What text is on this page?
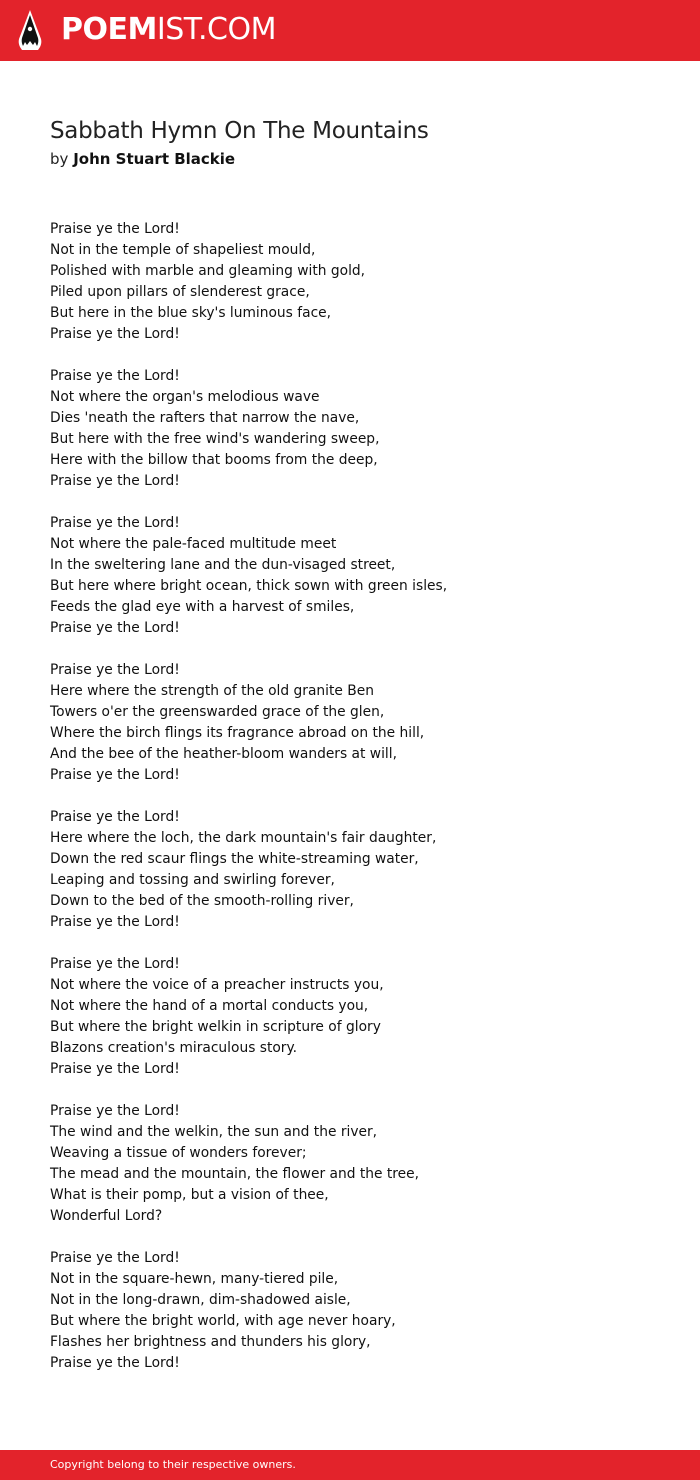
POEMIST.COM
Sabbath Hymn On The Mountains
by John Stuart Blackie
Praise ye the Lord!
Not in the temple of shapeliest mould,
Polished with marble and gleaming with gold,
Piled upon pillars of slenderest grace,
But here in the blue sky's luminous face,
Praise ye the Lord!
Praise ye the Lord!
Not where the organ's melodious wave
Dies 'neath the rafters that narrow the nave,
But here with the free wind's wandering sweep,
Here with the billow that booms from the deep,
Praise ye the Lord!
Praise ye the Lord!
Not where the pale-faced multitude meet
In the sweltering lane and the dun-visaged street,
But here where bright ocean, thick sown with green isles,
Feeds the glad eye with a harvest of smiles,
Praise ye the Lord!
Praise ye the Lord!
Here where the strength of the old granite Ben
Towers o'er the greenswarded grace of the glen,
Where the birch flings its fragrance abroad on the hill,
And the bee of the heather-bloom wanders at will,
Praise ye the Lord!
Praise ye the Lord!
Here where the loch, the dark mountain's fair daughter,
Down the red scaur flings the white-streaming water,
Leaping and tossing and swirling forever,
Down to the bed of the smooth-rolling river,
Praise ye the Lord!
Praise ye the Lord!
Not where the voice of a preacher instructs you,
Not where the hand of a mortal conducts you,
But where the bright welkin in scripture of glory
Blazons creation's miraculous story.
Praise ye the Lord!
Praise ye the Lord!
The wind and the welkin, the sun and the river,
Weaving a tissue of wonders forever;
The mead and the mountain, the flower and the tree,
What is their pomp, but a vision of thee,
Wonderful Lord?
Praise ye the Lord!
Not in the square-hewn, many-tiered pile,
Not in the long-drawn, dim-shadowed aisle,
But where the bright world, with age never hoary,
Flashes her brightness and thunders his glory,
Praise ye the Lord!
Copyright belong to their respective owners.
